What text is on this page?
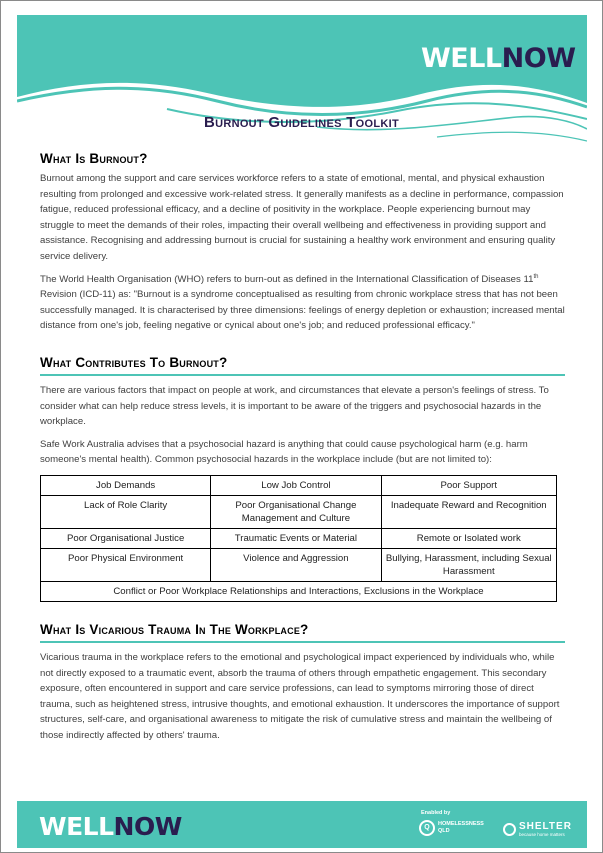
WELLNOW
Burnout Guidelines Toolkit
What Is Burnout?

Burnout among the support and care services workforce refers to a state of emotional, mental, and physical exhaustion resulting from prolonged and excessive work-related stress. It generally manifests as a decline in performance, compassion fatigue, reduced professional efficacy, and a decline of positivity in the workplace. People experiencing burnout may struggle to meet the demands of their roles, impacting their overall wellbeing and effectiveness in providing support and assistance. Recognising and addressing burnout is crucial for sustaining a healthy work environment and ensuring quality service delivery.

The World Health Organisation (WHO) refers to burn-out as defined in the International Classification of Diseases 11th Revision (ICD-11) as: "Burnout is a syndrome conceptualised as resulting from chronic workplace stress that has not been successfully managed. It is characterised by three dimensions: feelings of energy depletion or exhaustion; increased mental distance from one's job, feeling negative or cynical about one's job; and reduced professional efficacy."

What Contributes To Burnout?

There are various factors that impact on people at work, and circumstances that elevate a person's feelings of stress. To consider what can help reduce stress levels, it is important to be aware of the triggers and psychosocial hazards in the workplace.

Safe Work Australia advises that a psychosocial hazard is anything that could cause psychological harm (e.g. harm someone's mental health). Common psychosocial hazards in the workplace include (but are not limited to):

Job Demands	Low Job Control	Poor Support
Lack of Role Clarity	Poor Organisational Change Management and Culture	Inadequate Reward and Recognition
Poor Organisational Justice	Traumatic Events or Material	Remote or Isolated work
Poor Physical Environment	Violence and Aggression	Bullying, Harassment, including Sexual Harassment
Conflict or Poor Workplace Relationships and Interactions, Exclusions in the Workplace		
What Is Vicarious Trauma In The Workplace?

Vicarious trauma in the workplace refers to the emotional and psychological impact experienced by individuals who, while not directly exposed to a traumatic event, absorb the trauma of others through empathetic engagement. This secondary exposure, often encountered in support and care service professions, can lead to symptoms mirroring those of direct trauma, such as heightened stress, intrusive thoughts, and emotional exhaustion. It underscores the importance of support structures, self-care, and organisational awareness to mitigate the risk of cumulative stress and maintain the wellbeing of those indirectly affected by others' trauma.

WELLNOW	Enabled by
Q	HOMELESSNESS
QLD	SHELTER
because home matters
